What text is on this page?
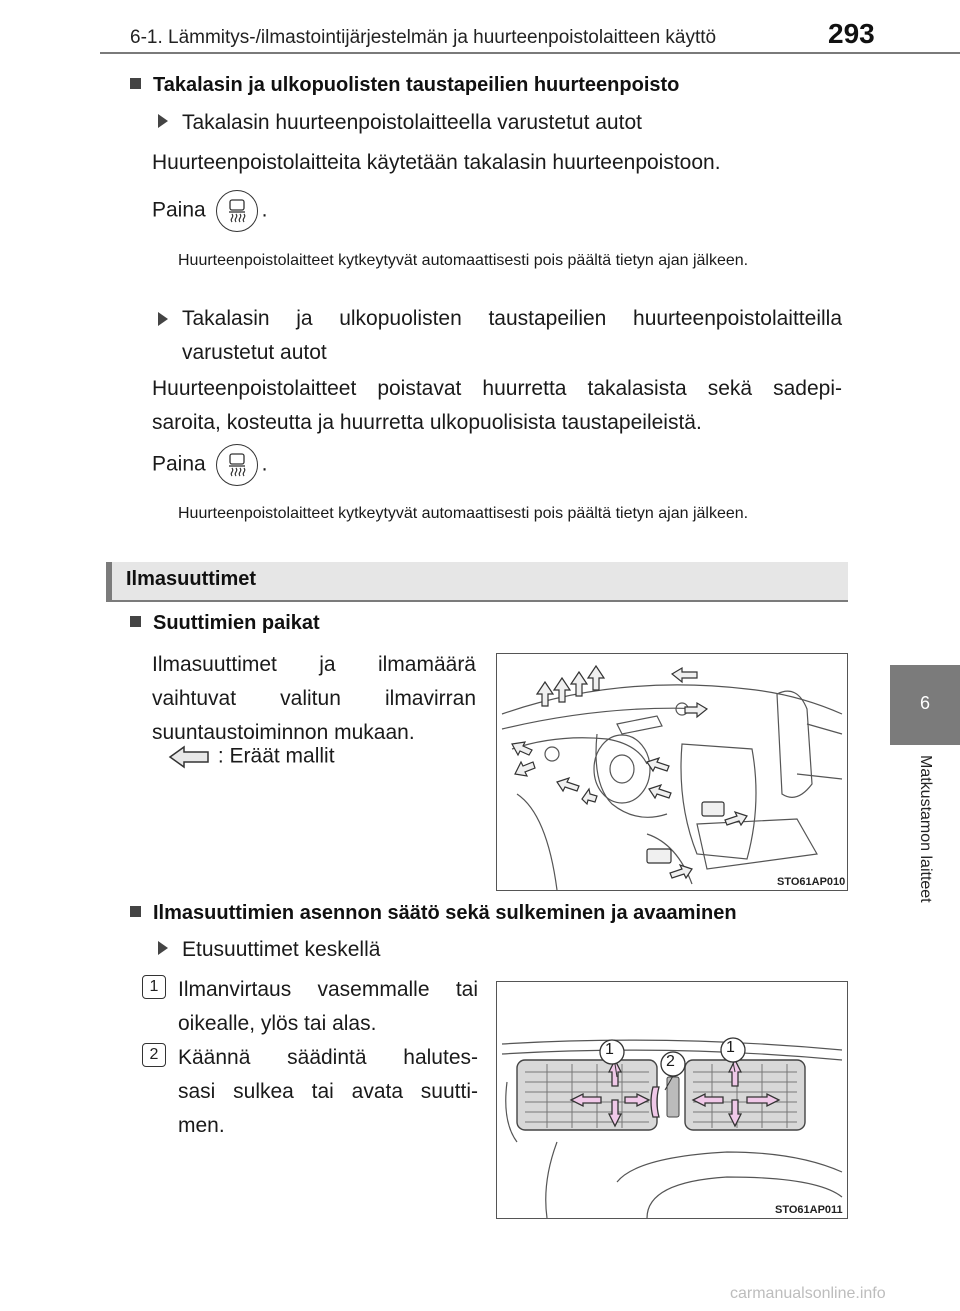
6-1. Lämmitys-/ilmastointijärjestelmän ja huurteenpoistolaitteen käyttö	293
6
Matkustamon laitteet
Takalasin ja ulkopuolisten taustapeilien huurteenpoisto
Takalasin huurteenpoistolaitteella varustetut autot
Huurteenpoistolaitteita käytetään takalasin huurteenpoistoon.
Paina	.
Huurteenpoistolaitteet kytkeytyvät automaattisesti pois päältä tietyn ajan jälkeen.
Takalasin ja ulkopuolisten taustapeilien huurteenpoistolaitteilla
varustetut autot
Huurteenpoistolaitteet poistavat huurretta takalasista sekä sadepi-
saroita, kosteutta ja huurretta ulkopuolisista taustapeileistä.
Paina	.
Huurteenpoistolaitteet kytkeytyvät automaattisesti pois päältä tietyn ajan jälkeen.
Ilmasuuttimet
Suuttimien paikat
Ilmasuuttimet ja ilmamäärä
vaihtuvat valitun ilmavirran
suuntaustoiminnon mukaan.
: Eräät mallit
STO61AP010
Ilmasuuttimien asennon säätö sekä sulkeminen ja avaaminen
Etusuuttimet keskellä
1 Ilmanvirtaus vasemmalle tai
oikealle, ylös tai alas.
2 Käännä säädintä halutes-
sasi sulkea tai avata suutti-
men.
1
2
1
STO61AP011
carmanualsonline.info
